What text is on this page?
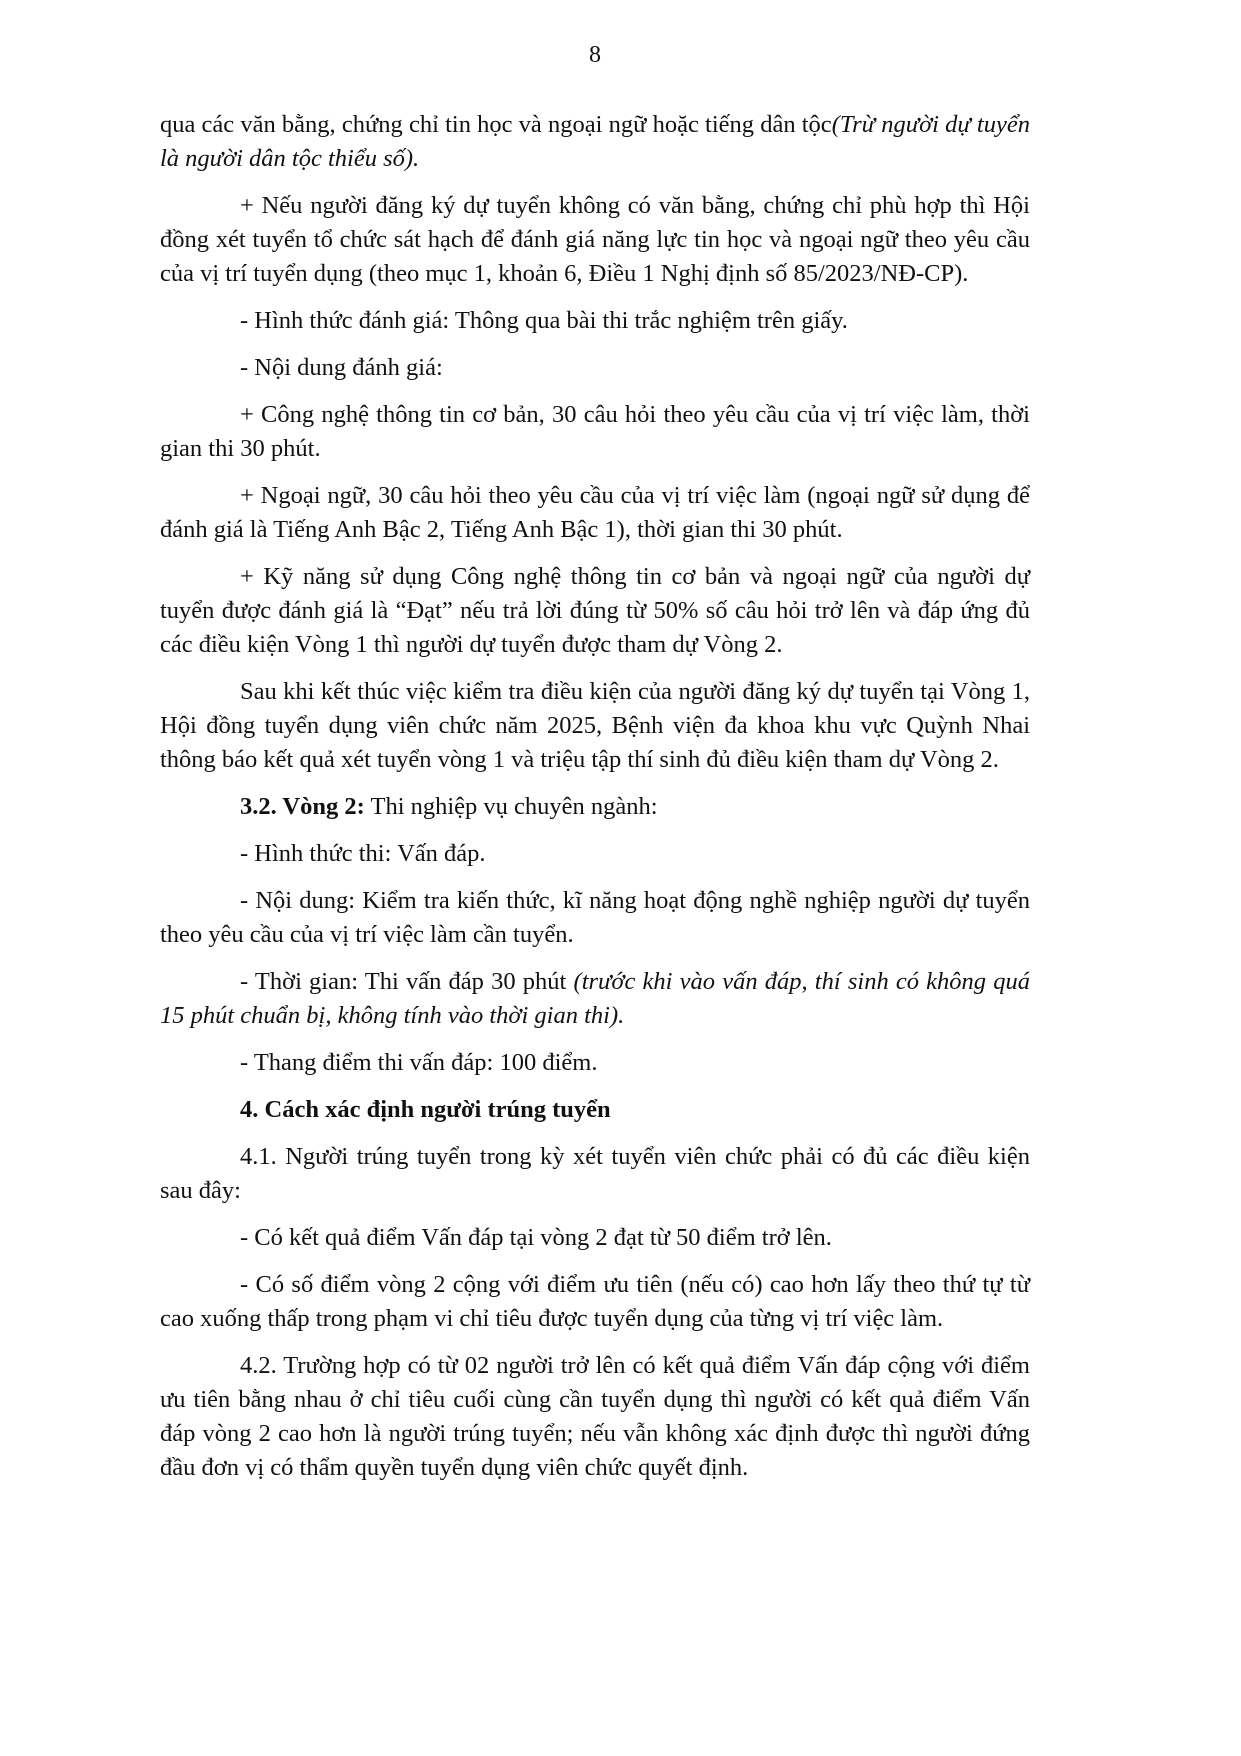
8

qua các văn bằng, chứng chỉ tin học và ngoại ngữ hoặc tiếng dân tộc(Trừ người dự tuyển là người dân tộc thiểu số).

+ Nếu người đăng ký dự tuyển không có văn bằng, chứng chỉ phù hợp thì Hội đồng xét tuyển tổ chức sát hạch để đánh giá năng lực tin học và ngoại ngữ theo yêu cầu của vị trí tuyển dụng (theo mục 1, khoản 6, Điều 1 Nghị định số 85/2023/NĐ-CP).

- Hình thức đánh giá: Thông qua bài thi trắc nghiệm trên giấy.

- Nội dung đánh giá:

+ Công nghệ thông tin cơ bản, 30 câu hỏi theo yêu cầu của vị trí việc làm, thời gian thi 30 phút.

+ Ngoại ngữ, 30 câu hỏi theo yêu cầu của vị trí việc làm (ngoại ngữ sử dụng để đánh giá là Tiếng Anh Bậc 2, Tiếng Anh Bậc 1), thời gian thi 30 phút.

+ Kỹ năng sử dụng Công nghệ thông tin cơ bản và ngoại ngữ của người dự tuyển được đánh giá là “Đạt” nếu trả lời đúng từ 50% số câu hỏi trở lên và đáp ứng đủ các điều kiện Vòng 1 thì người dự tuyển được tham dự Vòng 2.

Sau khi kết thúc việc kiểm tra điều kiện của người đăng ký dự tuyển tại Vòng 1, Hội đồng tuyển dụng viên chức năm 2025, Bệnh viện đa khoa khu vực Quỳnh Nhai thông báo kết quả xét tuyển vòng 1 và triệu tập thí sinh đủ điều kiện tham dự Vòng 2.

3.2. Vòng 2: Thi nghiệp vụ chuyên ngành:

- Hình thức thi: Vấn đáp.

- Nội dung: Kiểm tra kiến thức, kĩ năng hoạt động nghề nghiệp người dự tuyển theo yêu cầu của vị trí việc làm cần tuyển.

- Thời gian: Thi vấn đáp 30 phút (trước khi vào vấn đáp, thí sinh có không quá 15 phút chuẩn bị, không tính vào thời gian thi).

- Thang điểm thi vấn đáp: 100 điểm.

4. Cách xác định người trúng tuyển

4.1. Người trúng tuyển trong kỳ xét tuyển viên chức phải có đủ các điều kiện sau đây:

- Có kết quả điểm Vấn đáp tại vòng 2 đạt từ 50 điểm trở lên.

- Có số điểm vòng 2 cộng với điểm ưu tiên (nếu có) cao hơn lấy theo thứ tự từ cao xuống thấp trong phạm vi chỉ tiêu được tuyển dụng của từng vị trí việc làm.

4.2. Trường hợp có từ 02 người trở lên có kết quả điểm Vấn đáp cộng với điểm ưu tiên bằng nhau ở chỉ tiêu cuối cùng cần tuyển dụng thì người có kết quả điểm Vấn đáp vòng 2 cao hơn là người trúng tuyển; nếu vẫn không xác định được thì người đứng đầu đơn vị có thẩm quyền tuyển dụng viên chức quyết định.
